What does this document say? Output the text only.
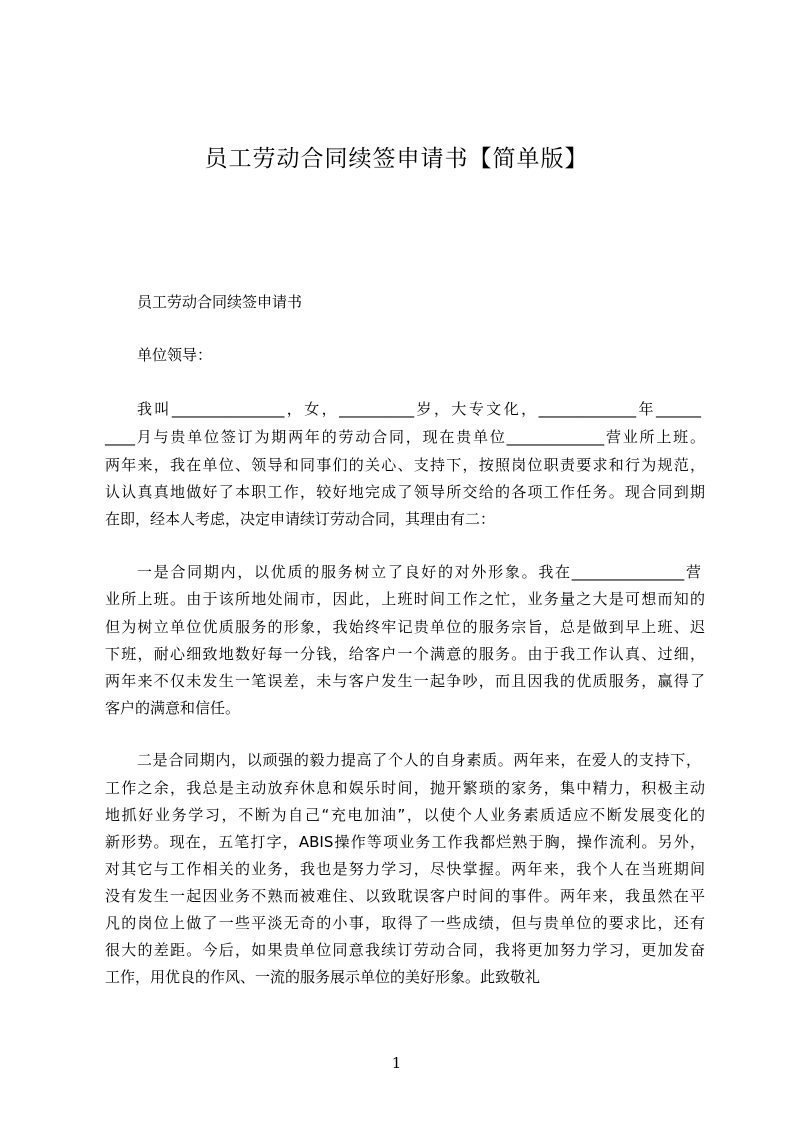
员工劳动合同续签申请书【简单版】
员工劳动合同续签申请书
单位领导：
我叫_______________，女，__________岁，大专文化，_____________年______
____月与贵单位签订为期两年的劳动合同，现在贵单位_____________营业所上班。
两年来，我在单位、领导和同事们的关心、支持下，按照岗位职责要求和行为规范，
认认真真地做好了本职工作，较好地完成了领导所交给的各项工作任务。现合同到期
在即，经本人考虑，决定申请续订劳动合同，其理由有二：
一是合同期内，以优质的服务树立了良好的对外形象。我在_______________营
业所上班。由于该所地处闹市，因此，上班时间工作之忙，业务量之大是可想而知的
但为树立单位优质服务的形象，我始终牢记贵单位的服务宗旨，总是做到早上班、迟
下班，耐心细致地数好每一分钱，给客户一个满意的服务。由于我工作认真、过细，
两年来不仅未发生一笔误差，未与客户发生一起争吵，而且因我的优质服务，赢得了
客户的满意和信任。
二是合同期内，以顽强的毅力提高了个人的自身素质。两年来，在爱人的支持下，
工作之余，我总是主动放弃休息和娱乐时间，抛开繁琐的家务，集中精力，积极主动
地抓好业务学习，不断为自己“充电加油”，以使个人业务素质适应不断发展变化的
新形势。现在，五笔打字，ABIS操作等项业务工作我都烂熟于胸，操作流利。另外，
对其它与工作相关的业务，我也是努力学习，尽快掌握。两年来，我个人在当班期间
没有发生一起因业务不熟而被难住、以致耽误客户时间的事件。两年来，我虽然在平
凡的岗位上做了一些平淡无奇的小事，取得了一些成绩，但与贵单位的要求比，还有
很大的差距。今后，如果贵单位同意我续订劳动合同，我将更加努力学习，更加发奋
工作，用优良的作风、一流的服务展示单位的美好形象。此致敬礼
1
